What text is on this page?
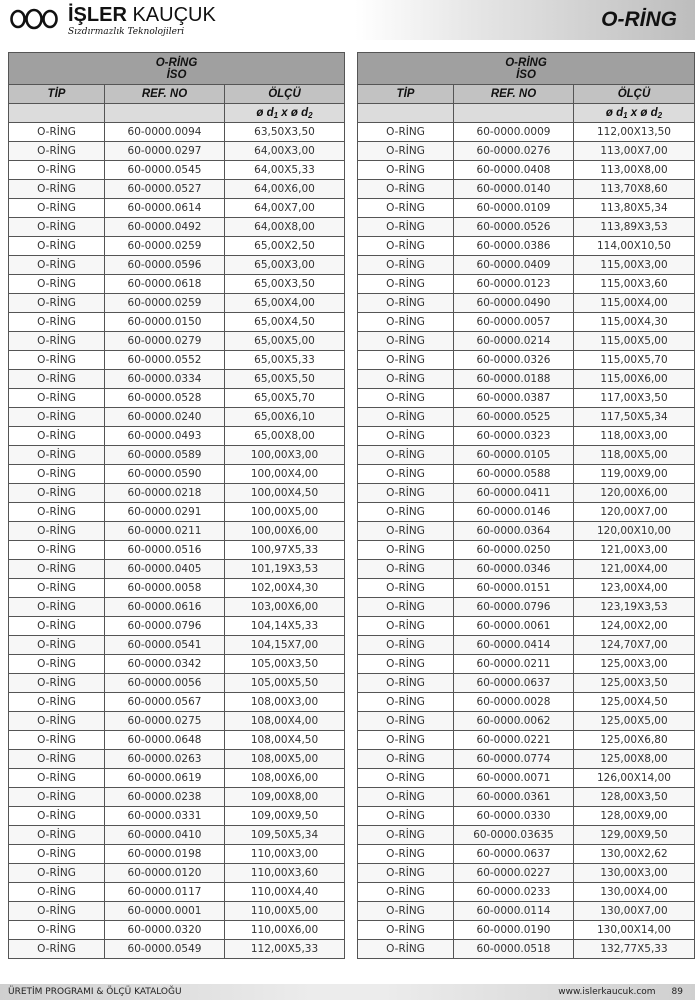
İŞLER KAUÇUK
Sızdırmazlık Teknolojileri
O-RİNG
O-RİNG
İSO		
TİP	REF. NO	ÖLÇÜ
		ø $d_1$ x ø $d_2$
O-RİNG	60-0000.0094	63,50X3,50
O-RİNG	60-0000.0297	64,00X3,00
O-RİNG	60-0000.0545	64,00X5,33
O-RİNG	60-0000.0527	64,00X6,00
O-RİNG	60-0000.0614	64,00X7,00
O-RİNG	60-0000.0492	64,00X8,00
O-RİNG	60-0000.0259	65,00X2,50
O-RİNG	60-0000.0596	65,00X3,00
O-RİNG	60-0000.0618	65,00X3,50
O-RİNG	60-0000.0259	65,00X4,00
O-RİNG	60-0000.0150	65,00X4,50
O-RİNG	60-0000.0279	65,00X5,00
O-RİNG	60-0000.0552	65,00X5,33
O-RİNG	60-0000.0334	65,00X5,50
O-RİNG	60-0000.0528	65,00X5,70
O-RİNG	60-0000.0240	65,00X6,10
O-RİNG	60-0000.0493	65,00X8,00
O-RİNG	60-0000.0589	100,00X3,00
O-RİNG	60-0000.0590	100,00X4,00
O-RİNG	60-0000.0218	100,00X4,50
O-RİNG	60-0000.0291	100,00X5,00
O-RİNG	60-0000.0211	100,00X6,00
O-RİNG	60-0000.0516	100,97X5,33
O-RİNG	60-0000.0405	101,19X3,53
O-RİNG	60-0000.0058	102,00X4,30
O-RİNG	60-0000.0616	103,00X6,00
O-RİNG	60-0000.0796	104,14X5,33
O-RİNG	60-0000.0541	104,15X7,00
O-RİNG	60-0000.0342	105,00X3,50
O-RİNG	60-0000.0056	105,00X5,50
O-RİNG	60-0000.0567	108,00X3,00
O-RİNG	60-0000.0275	108,00X4,00
O-RİNG	60-0000.0648	108,00X4,50
O-RİNG	60-0000.0263	108,00X5,00
O-RİNG	60-0000.0619	108,00X6,00
O-RİNG	60-0000.0238	109,00X8,00
O-RİNG	60-0000.0331	109,00X9,50
O-RİNG	60-0000.0410	109,50X5,34
O-RİNG	60-0000.0198	110,00X3,00
O-RİNG	60-0000.0120	110,00X3,60
O-RİNG	60-0000.0117	110,00X4,40
O-RİNG	60-0000.0001	110,00X5,00
O-RİNG	60-0000.0320	110,00X6,00
O-RİNG	60-0000.0549	112,00X5,33
O-RİNG
İSO		
TİP	REF. NO	ÖLÇÜ
		ø $d_1$ x ø $d_2$
O-RİNG	60-0000.0009	112,00X13,50
O-RİNG	60-0000.0276	113,00X7,00
O-RİNG	60-0000.0408	113,00X8,00
O-RİNG	60-0000.0140	113,70X8,60
O-RİNG	60-0000.0109	113,80X5,34
O-RİNG	60-0000.0526	113,89X3,53
O-RİNG	60-0000.0386	114,00X10,50
O-RİNG	60-0000.0409	115,00X3,00
O-RİNG	60-0000.0123	115,00X3,60
O-RİNG	60-0000.0490	115,00X4,00
O-RİNG	60-0000.0057	115,00X4,30
O-RİNG	60-0000.0214	115,00X5,00
O-RİNG	60-0000.0326	115,00X5,70
O-RİNG	60-0000.0188	115,00X6,00
O-RİNG	60-0000.0387	117,00X3,50
O-RİNG	60-0000.0525	117,50X5,34
O-RİNG	60-0000.0323	118,00X3,00
O-RİNG	60-0000.0105	118,00X5,00
O-RİNG	60-0000.0588	119,00X9,00
O-RİNG	60-0000.0411	120,00X6,00
O-RİNG	60-0000.0146	120,00X7,00
O-RİNG	60-0000.0364	120,00X10,00
O-RİNG	60-0000.0250	121,00X3,00
O-RİNG	60-0000.0346	121,00X4,00
O-RİNG	60-0000.0151	123,00X4,00
O-RİNG	60-0000.0796	123,19X3,53
O-RİNG	60-0000.0061	124,00X2,00
O-RİNG	60-0000.0414	124,70X7,00
O-RİNG	60-0000.0211	125,00X3,00
O-RİNG	60-0000.0637	125,00X3,50
O-RİNG	60-0000.0028	125,00X4,50
O-RİNG	60-0000.0062	125,00X5,00
O-RİNG	60-0000.0221	125,00X6,80
O-RİNG	60-0000.0774	125,00X8,00
O-RİNG	60-0000.0071	126,00X14,00
O-RİNG	60-0000.0361	128,00X3,50
O-RİNG	60-0000.0330	128,00X9,00
O-RİNG	60-0000.03635	129,00X9,50
O-RİNG	60-0000.0637	130,00X2,62
O-RİNG	60-0000.0227	130,00X3,00
O-RİNG	60-0000.0233	130,00X4,00
O-RİNG	60-0000.0114	130,00X7,00
O-RİNG	60-0000.0190	130,00X14,00
O-RİNG	60-0000.0518	132,77X5,33
ÜRETİM PROGRAMI & ÖLÇÜ KATALOĞU	www.islerkaucuk.com 89
